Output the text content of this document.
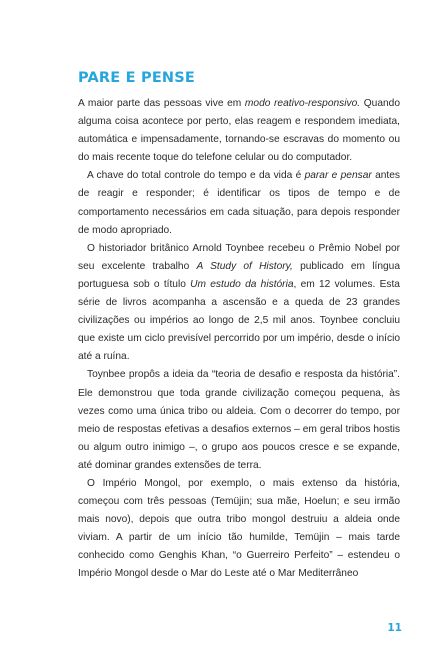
PARE E PENSE

A maior parte das pessoas vive em modo reativo-responsivo. Quando alguma coisa acontece por perto, elas reagem e respondem imediata, automática e impensadamente, tornando-se escravas do momento ou do mais recente toque do telefone celular ou do computador.

A chave do total controle do tempo e da vida é parar e pensar antes de reagir e responder; é identificar os tipos de tempo e de comportamento necessários em cada situação, para depois responder de modo apropriado.

O historiador britânico Arnold Toynbee recebeu o Prêmio Nobel por seu excelente trabalho A Study of History, publicado em língua portuguesa sob o título Um estudo da história, em 12 volumes. Esta série de livros acompanha a ascensão e a queda de 23 grandes civilizações ou impérios ao longo de 2,5 mil anos. Toynbee concluiu que existe um ciclo previsível percorrido por um império, desde o início até a ruína.

Toynbee propôs a ideia da “teoria de desafio e resposta da história”. Ele demonstrou que toda grande civilização começou pequena, às vezes como uma única tribo ou aldeia. Com o decorrer do tempo, por meio de respostas efetivas a desafios externos – em geral tribos hostis ou algum outro inimigo –, o grupo aos poucos cresce e se expande, até dominar grandes extensões de terra.

O Império Mongol, por exemplo, o mais extenso da história, começou com três pessoas (Temüjin; sua mãe, Hoelun; e seu irmão mais novo), depois que outra tribo mongol destruiu a aldeia onde viviam. A partir de um início tão humilde, Temüjin – mais tarde conhecido como Genghis Khan, “o Guerreiro Perfeito” – estendeu o Império Mongol desde o Mar do Leste até o Mar Mediterrâneo

11
